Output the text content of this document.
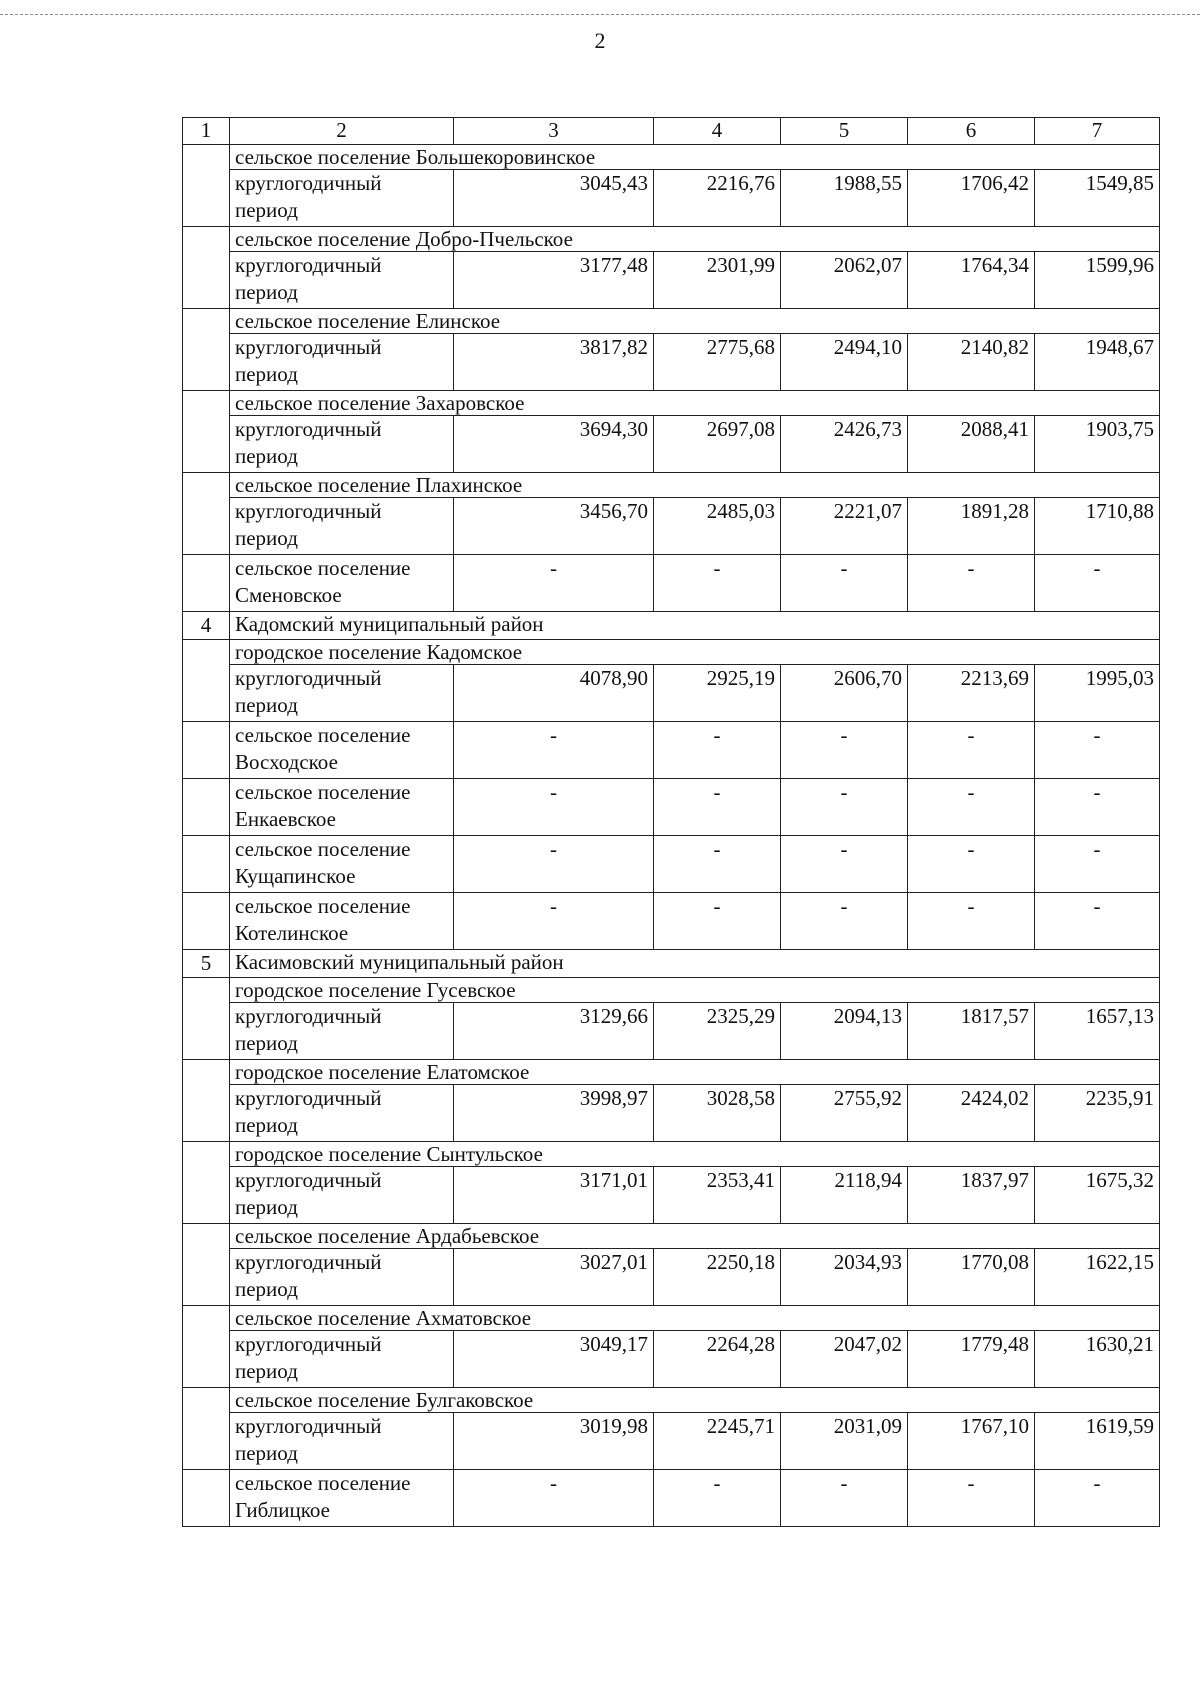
2
1	2	3	4	5	6	7
	сельское поселение Большекоровинское					
	круглогодичный период	3045,43	2216,76	1988,55	1706,42	1549,85
	сельское поселение Добро-Пчельское					
	круглогодичный период	3177,48	2301,99	2062,07	1764,34	1599,96
	сельское поселение Елинское					
	круглогодичный период	3817,82	2775,68	2494,10	2140,82	1948,67
	сельское поселение Захаровское					
	круглогодичный период	3694,30	2697,08	2426,73	2088,41	1903,75
	сельское поселение Плахинское					
	круглогодичный период	3456,70	2485,03	2221,07	1891,28	1710,88
	сельское поселение Сменовское	-	-	-	-	-
4	Кадомский муниципальный район					
	городское поселение Кадомское					
	круглогодичный период	4078,90	2925,19	2606,70	2213,69	1995,03
	сельское поселение Восходское	-	-	-	-	-
	сельское поселение Енкаевское	-	-	-	-	-
	сельское поселение Кущапинское	-	-	-	-	-
	сельское поселение Котелинское	-	-	-	-	-
5	Касимовский муниципальный район					
	городское поселение Гусевское					
	круглогодичный период	3129,66	2325,29	2094,13	1817,57	1657,13
	городское поселение Елатомское					
	круглогодичный период	3998,97	3028,58	2755,92	2424,02	2235,91
	городское поселение Сынтульское					
	круглогодичный период	3171,01	2353,41	2118,94	1837,97	1675,32
	сельское поселение Ардабьевское					
	круглогодичный период	3027,01	2250,18	2034,93	1770,08	1622,15
	сельское поселение Ахматовское					
	круглогодичный период	3049,17	2264,28	2047,02	1779,48	1630,21
	сельское поселение Булгаковское					
	круглогодичный период	3019,98	2245,71	2031,09	1767,10	1619,59
	сельское поселение Гиблицкое	-	-	-	-	-
